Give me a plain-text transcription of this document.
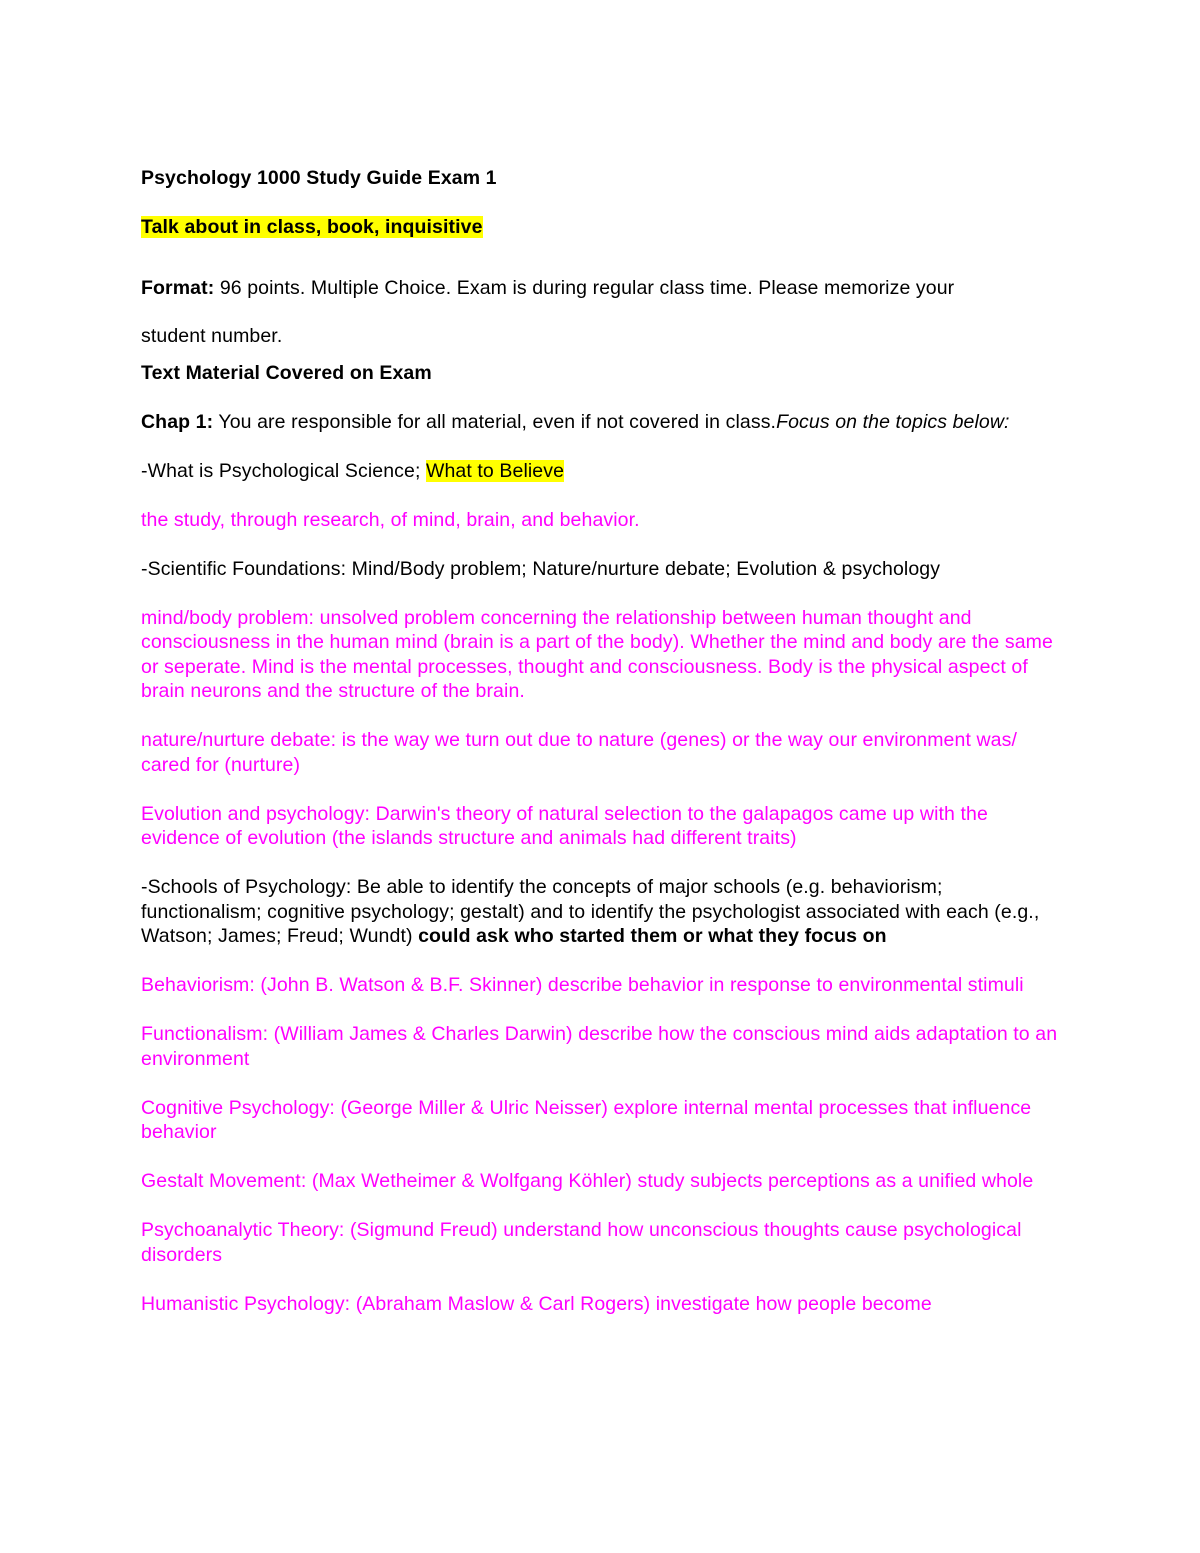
Psychology 1000 Study Guide Exam 1

Talk about in class, book, inquisitive

Format: 96 points. Multiple Choice. Exam is during regular class time. Please memorize your

student number.

Text Material Covered on Exam

Chap 1: You are responsible for all material, even if not covered in class.Focus on the topics below:

-What is Psychological Science; What to Believe

the study, through research, of mind, brain, and behavior.

-Scientific Foundations: Mind/Body problem; Nature/nurture debate; Evolution & psychology

mind/body problem: unsolved problem concerning the relationship between human thought and consciousness in the human mind (brain is a part of the body). Whether the mind and body are the same or seperate. Mind is the mental processes, thought and consciousness. Body is the physical aspect of brain neurons and the structure of the brain.

nature/nurture debate: is the way we turn out due to nature (genes) or the way our environment was/ cared for (nurture)

Evolution and psychology: Darwin's theory of natural selection to the galapagos came up with the evidence of evolution (the islands structure and animals had different traits)

-Schools of Psychology: Be able to identify the concepts of major schools (e.g. behaviorism; functionalism; cognitive psychology; gestalt) and to identify the psychologist associated with each (e.g., Watson; James; Freud; Wundt) could ask who started them or what they focus on

Behaviorism: (John B. Watson & B.F. Skinner) describe behavior in response to environmental stimuli

Functionalism: (William James & Charles Darwin) describe how the conscious mind aids adaptation to an environment

Cognitive Psychology: (George Miller & Ulric Neisser) explore internal mental processes that influence behavior

Gestalt Movement: (Max Wetheimer & Wolfgang Köhler) study subjects perceptions as a unified whole

Psychoanalytic Theory: (Sigmund Freud) understand how unconscious thoughts cause psychological disorders

Humanistic Psychology: (Abraham Maslow & Carl Rogers) investigate how people become
